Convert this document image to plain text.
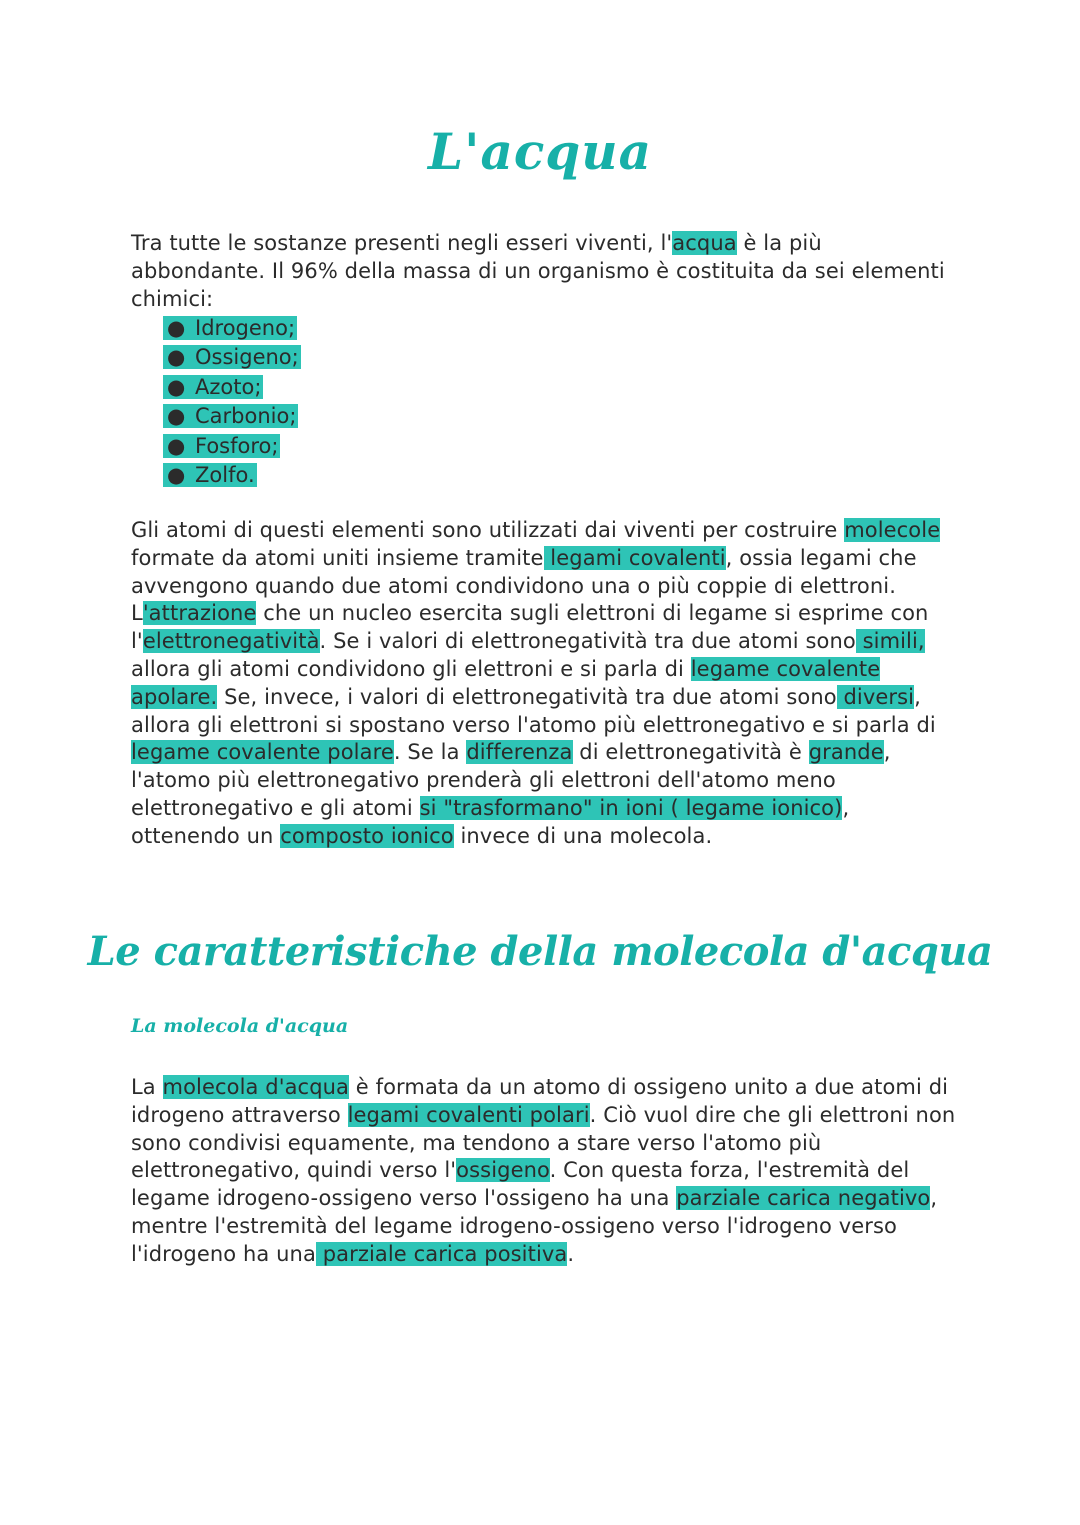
L'acqua

Tra tutte le sostanze presenti negli esseri viventi, l'acqua è la più abbondante. Il 96% della massa di un organismo è costituita da sei elementi chimici:

● Idrogeno;
● Ossigeno;
● Azoto;
● Carbonio;
● Fosforo;
● Zolfo.

Gli atomi di questi elementi sono utilizzati dai viventi per costruire molecole formate da atomi uniti insieme tramite legami covalenti, ossia legami che avvengono quando due atomi condividono una o più coppie di elettroni. L'attrazione che un nucleo esercita sugli elettroni di legame si esprime con l'elettronegatività. Se i valori di elettronegatività tra due atomi sono simili, allora gli atomi condividono gli elettroni e si parla di legame covalente apolare. Se, invece, i valori di elettronegatività tra due atomi sono diversi, allora gli elettroni si spostano verso l'atomo più elettronegativo e si parla di legame covalente polare. Se la differenza di elettronegatività è grande, l'atomo più elettronegativo prenderà gli elettroni dell'atomo meno elettronegativo e gli atomi si "trasformano" in ioni ( legame ionico), ottenendo un composto ionico invece di una molecola.

Le caratteristiche della molecola d'acqua
La molecola d'acqua

La molecola d'acqua è formata da un atomo di ossigeno unito a due atomi di idrogeno attraverso legami covalenti polari. Ciò vuol dire che gli elettroni non sono condivisi equamente, ma tendono a stare verso l'atomo più elettronegativo, quindi verso l'ossigeno. Con questa forza, l'estremità del legame idrogeno-ossigeno verso l'ossigeno ha una parziale carica negativo, mentre l'estremità del legame idrogeno-ossigeno verso l'idrogeno verso l'idrogeno ha una parziale carica positiva.
